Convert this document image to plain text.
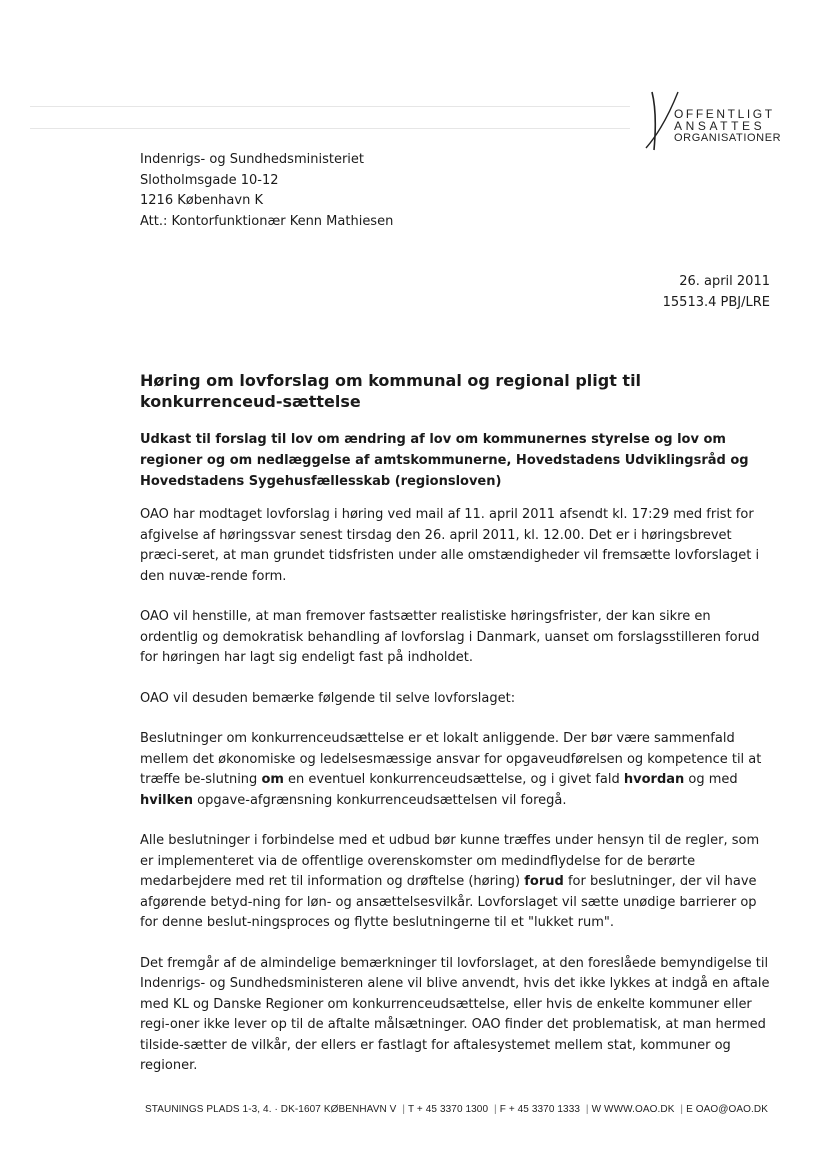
OFFENTLIGT
ANSATTES
ORGANISATIONER
Indenrigs- og Sundhedsministeriet
Slotholmsgade 10-12
1216 København K
Att.: Kontorfunktionær Kenn Mathiesen
26. april 2011
15513.4 PBJ/LRE
Høring om lovforslag om kommunal og regional pligt til konkurrenceud-sættelse
Udkast til forslag til lov om ændring af lov om kommunernes styrelse og lov om regioner og om nedlæggelse af amtskommunerne, Hovedstadens Udviklingsråd og Hovedstadens Sygehusfællesskab (regionsloven)

OAO har modtaget lovforslag i høring ved mail af 11. april 2011 afsendt kl. 17:29 med frist for afgivelse af høringssvar senest tirsdag den 26. april 2011, kl. 12.00. Det er i høringsbrevet præci-seret, at man grundet tidsfristen under alle omstændigheder vil fremsætte lovforslaget i den nuvæ-rende form.

OAO vil henstille, at man fremover fastsætter realistiske høringsfrister, der kan sikre en ordentlig og demokratisk behandling af lovforslag i Danmark, uanset om forslagsstilleren forud for høringen har lagt sig endeligt fast på indholdet.

OAO vil desuden bemærke følgende til selve lovforslaget:

Beslutninger om konkurrenceudsættelse er et lokalt anliggende. Der bør være sammenfald mellem det økonomiske og ledelsesmæssige ansvar for opgaveudførelsen og kompetence til at træffe be-slutning om en eventuel konkurrenceudsættelse, og i givet fald hvordan og med hvilken opgave-afgrænsning konkurrenceudsættelsen vil foregå.

Alle beslutninger i forbindelse med et udbud bør kunne træffes under hensyn til de regler, som er implementeret via de offentlige overenskomster om medindflydelse for de berørte medarbejdere med ret til information og drøftelse (høring) forud for beslutninger, der vil have afgørende betyd-ning for løn- og ansættelsesvilkår. Lovforslaget vil sætte unødige barrierer op for denne beslut-ningsproces og flytte beslutningerne til et "lukket rum".

Det fremgår af de almindelige bemærkninger til lovforslaget, at den foreslåede bemyndigelse til Indenrigs- og Sundhedsministeren alene vil blive anvendt, hvis det ikke lykkes at indgå en aftale med KL og Danske Regioner om konkurrenceudsættelse, eller hvis de enkelte kommuner eller regi-oner ikke lever op til de aftalte målsætninger. OAO finder det problematisk, at man hermed tilside-sætter de vilkår, der ellers er fastlagt for aftalesystemet mellem stat, kommuner og regioner.

STAUNINGS PLADS 1-3, 4. · DK-1607 KØBENHAVN V | T + 45 3370 1300 | F + 45 3370 1333 | W WWW.OAO.DK | E OAO@OAO.DK
